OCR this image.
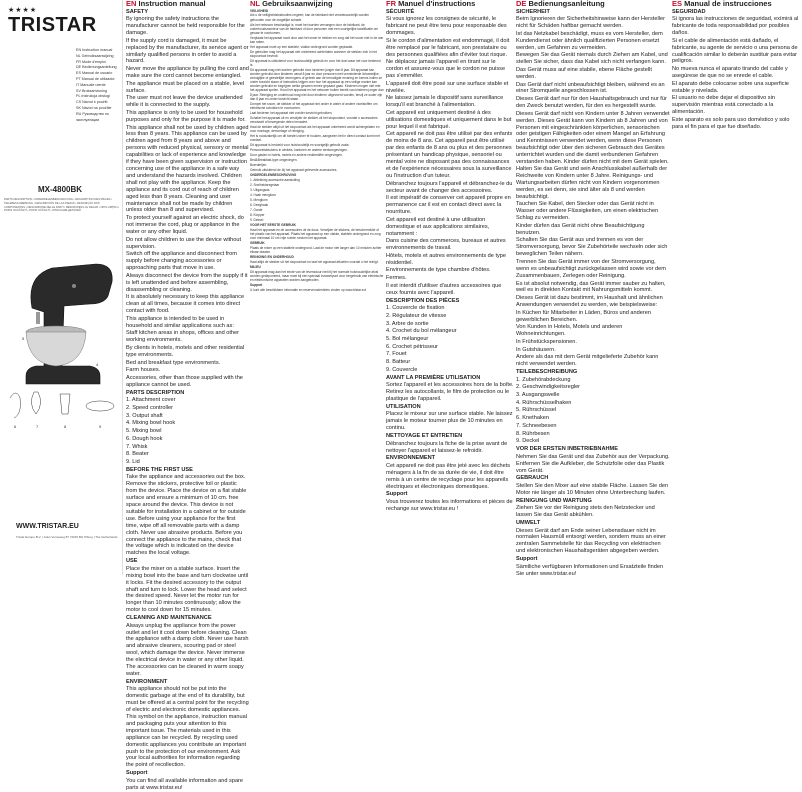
★★★★
TRISTAR
EN Instruction manual
NL Gebruiksaanwijzing
FR Mode d'emploi
DE Bedienungsanleitung
ES Manual de usuario
PT Manual de utilizador
IT Manuale utente
SV Bruksanvisning
PL Instrukcja obsługi
CS Návod k použití
SK Návod na použitie
RU Руководство по эксплуатации
MX-4800BK
PARTS DESCRIPTION • ONDERDELENBESCHRIJVING • DESCRIPTION DES PIÈCES • TEILEBESCHREIBUNG • DESCRIPCIÓN DE LAS PIEZAS • DESCRIÇÃO DOS COMPONENTES • DESCRIZIONE DELLE PARTI • BESKRIVNING AV DELAR • OPIS CZĘŚCI • POPIS SOUČÁSTÍ • POPIS SÚČASTÍ • ОПИСАНИЕ ДЕТАЛЕЙ
6	7	8	9
1
2
5
4
WWW.TRISTAR.EU
Tristar Europe B.V. | Jules Verneweg 87 | 5015 BH Tilburg | The Netherlands
EN Instruction manual

SAFETY

By ignoring the safety instructions the manufacturer cannot be held responsible for the damage.

If the supply cord is damaged, it must be replaced by the manufacturer, its service agent or similarly qualified persons in order to avoid a hazard.

Never move the appliance by pulling the cord and make sure the cord cannot become entangled.

The appliance must be placed on a stable, level surface.

The user must not leave the device unattended while it is connected to the supply.

This appliance is only to be used for household purposes and only for the purpose it is made for.

This appliance shall not be used by children aged less than 8 years. This appliance can be used by children aged from 8 years and above and persons with reduced physical, sensory or mental capabilities or lack of experience and knowledge if they have been given supervision or instruction concerning use of the appliance in a safe way and understand the hazards involved. Children shall not play with the appliance. Keep the appliance and its cord out of reach of children aged less than 8 years. Cleaning and user maintenance shall not be made by children unless older than 8 and supervised.

To protect yourself against an electric shock, do not immerse the cord, plug or appliance in the water or any other liquid.

Do not allow children to use the device without supervision.

Switch off the appliance and disconnect from supply before changing accessories or approaching parts that move in use.

Always disconnect the device from the supply if it is left unattended and before assembling, disassembling or cleaning.

It is absolutely necessary to keep this appliance clean at all times, because it comes into direct contact with food.

This appliance is intended to be used in household and similar applications such as:

Staff kitchen areas in shops, offices and other working environments.

By clients in hotels, motels and other residential type environments.

Bed and breakfast type environments.

Farm houses.

Accessories, other than those supplied with the appliance cannot be used.

PARTS DESCRIPTION

1. Attachment cover

2. Speed controller

3. Output shaft

4. Mixing bowl hook

5. Mixing bowl

6. Dough hook

7. Whisk

8. Beater

9. Lid

BEFORE THE FIRST USE

Take the appliance and accessories out the box. Remove the stickers, protective foil or plastic from the device. Place the device on a flat stable surface and ensure a minimum of 10 cm. free space around the device. This device is not suitable for installation in a cabinet or for outside use. Before using your appliance for the first time, wipe off all removable parts with a damp cloth. Never use abrasive products. Before you connect the appliance to the mains, check that the voltage which is indicated on the device matches the local voltage.

USE

Place the mixer on a stable surface. Insert the mixing bowl into the base and turn clockwise until it locks. Fit the desired accessory to the output shaft and turn to lock. Lower the head and select the desired speed. Never let the motor run for longer than 10 minutes continuously; allow the motor to cool down for 15 minutes.

CLEANING AND MAINTENANCE

Always unplug the appliance from the power outlet and let it cool down before cleaning. Clean the appliance with a damp cloth. Never use harsh and abrasive cleaners, scouring pad or steel wool, which damage the device. Never immerse the electrical device in water or any other liquid. The accessories can be cleaned in warm soapy water.

ENVIRONMENT

This appliance should not be put into the domestic garbage at the end of its durability, but must be offered at a central point for the recycling of electric and electronic domestic appliances. This symbol on the appliance, instruction manual and packaging puts your attention to this important issue. The materials used in this appliance can be recycled. By recycling used domestic appliances you contribute an important push to the protection of our environment. Ask your local authorities for information regarding the point of recollection.

Support

You can find all available information and spare parts at www.tristar.eu!

NL Gebruiksaanwijzing

VEILIGHEID

Als u de veiligheidsinstructies negeert, kan de fabrikant niet verantwoordelijk worden gehouden voor de mogelijke schade.

Als het netsnoer beschadigd is, moet het worden vervangen door de fabrikant, de onderhoudsmonteur van de fabrikant of door personen met een soortgelijke kwalificatie om gevaar te voorkomen.

Verplaats het apparaat nooit door aan het snoer te trekken en zorg dat het snoer niet in de war kan raken.

Het apparaat moet op een stabiele, vlakke ondergrond worden geplaatst.

De gebruiker mag het apparaat niet onbeheerd achterlaten wanneer de stekker zich in het stopcontact bevindt.

Dit apparaat is uitsluitend voor huishoudelijk gebruik en voor het doel waar het voor bestemd is.

Dit apparaat mag niet worden gebruikt door kinderen jonger dan 8 jaar. Dit apparaat kan worden gebruikt door kinderen vanaf 8 jaar en door personen met verminderde lichamelijke, zintuiglijke of geestelijke vermogens of gebrek aan de benodigde ervaring en kennis indien ze onder toezicht staan of instructies krijgen over hoe het apparaat op een veilige manier kan worden gebruikt en begrijpen welke gevaren ermee gepaard gaan. Kinderen mogen niet met het apparaat spelen. Houd het apparaat en het netsnoer buiten bereik van kinderen jonger dan 8 jaar. Reiniging en onderhoud mag niet door kinderen uitgevoerd worden, tenzij ze ouder zijn dan 8 jaar en onder toezicht staan.

Dompel het snoer, de stekker of het apparaat niet onder in water of andere vloeistoffen om elektrische schokken te voorkomen.

Laat kinderen het apparaat niet zonder toezicht gebruiken.

Schakel het apparaat uit en verwijder de stekker uit het stopcontact, voordat u accessoires verwisselt of bewegende delen benadert.

Haal de stekker altijd uit het stopcontact als het apparaat onbeheerd wordt achtergelaten en voor montage, demontage of reiniging.

Het is noodzakelijk om dit toestel zuiver te houden, aangezien het in direct contact komt met voedsel.

Dit apparaat is bedoeld voor huishoudelijk en soortgelijk gebruik zoals:

Personeelskeukens in winkels, kantoren en andere werkomgevingen.

Door gasten in hotels, motels en andere residentiële omgevingen.

Bed&Breakfast-type omgevingen.

Boerderijen.

Gebruik uitsluitend de bij het apparaat geleverde accessoires.

ONDERDELENBESCHRIJVING

1. Afdekking accessoire-aansluiting

2. Snelheidsregelaar

3. Uitgangsas

4. Haak mengkom

5. Mengkom

6. Deeghaak

7. Garde

8. Klopper

9. Deksel

VOOR HET EERSTE GEBRUIK

Haal het apparaat en de accessoires uit de doos. Verwijder de stickers, de beschermfolie of het plastic van het apparaat. Plaats het apparaat op een vlakke, stabiele ondergrond en zorg voor minimaal 10 cm vrije ruimte rondom het apparaat.

GEBRUIK

Plaats de mixer op een stabiele ondergrond. Laat de motor niet langer dan 10 minuten achter elkaar draaien.

REINIGING EN ONDERHOUD

Haal altijd de stekker uit het stopcontact en laat het apparaat afkoelen voordat u het reinigt.

MILIEU

Dit apparaat mag aan het einde van de levensduur niet bij het normale huishoudelijke afval worden gedeponeerd, maar moet bij een speciaal inzamelpunt voor hergebruik van elektrische en elektronische apparaten worden aangeboden.

Support

U kunt alle beschikbare informatie en reserveonderdelen vinden op www.tristar.eu!

FR Manuel d'instructions

SÉCURITÉ

Si vous ignorez les consignes de sécurité, le fabricant ne peut être tenu pour responsable des dommages.

Si le cordon d'alimentation est endommagé, il doit être remplacé par le fabricant, son prestataire ou des personnes qualifiées afin d'éviter tout risque.

Ne déplacez jamais l'appareil en tirant sur le cordon et assurez-vous que le cordon ne puisse pas s'emmêler.

L'appareil doit être posé sur une surface stable et nivelée.

Ne laissez jamais le dispositif sans surveillance lorsqu'il est branché à l'alimentation.

Cet appareil est uniquement destiné à des utilisations domestiques et uniquement dans le but pour lequel il est fabriqué.

Cet appareil ne doit pas être utilisé par des enfants de moins de 8 ans. Cet appareil peut être utilisé par des enfants de 8 ans ou plus et des personnes présentant un handicap physique, sensoriel ou mental voire ne disposant pas des connaissances et de l'expérience nécessaires sous la surveillance ou l'instruction d'un tuteur.

Débranchez toujours l'appareil et débranchez-le du secteur avant de changer des accessoires.

Il est impératif de conserver cet appareil propre en permanence car il est en contact direct avec la nourriture.

Cet appareil est destiné à une utilisation domestique et aux applications similaires, notamment :

Dans cuisine des commerces, bureaux et autres environnements de travail.

Hôtels, motels et autres environnements de type résidentiel.

Environnements de type chambre d'hôtes.

Fermes.

Il est interdit d'utiliser d'autres accessoires que ceux fournis avec l'appareil.

DESCRIPTION DES PIÈCES

1. Couvercle de fixation

2. Régulateur de vitesse

3. Arbre de sortie

4. Crochet du bol mélangeur

5. Bol mélangeur

6. Crochet pétrisseur

7. Fouet

8. Batteur

9. Couvercle

AVANT LA PREMIÈRE UTILISATION

Sortez l'appareil et les accessoires hors de la boîte. Retirez les autocollants, le film de protection ou le plastique de l'appareil.

UTILISATION

Placez le mixeur sur une surface stable. Ne laissez jamais le moteur tourner plus de 10 minutes en continu.

NETTOYAGE ET ENTRETIEN

Débranchez toujours la fiche de la prise avant de nettoyer l'appareil et laissez-le refroidir.

ENVIRONNEMENT

Cet appareil ne doit pas être jeté avec les déchets ménagers à la fin de sa durée de vie, il doit être remis à un centre de recyclage pour les appareils électriques et électroniques domestiques.

Support

Vous trouverez toutes les informations et pièces de rechange sur www.tristar.eu !

DE Bedienungsanleitung

SICHERHEIT

Beim Ignorieren der Sicherheitshinweise kann der Hersteller nicht für Schäden haftbar gemacht werden.

Ist das Netzkabel beschädigt, muss es vom Hersteller, dem Kundendienst oder ähnlich qualifizierten Personen ersetzt werden, um Gefahren zu vermeiden.

Bewegen Sie das Gerät niemals durch Ziehen am Kabel, und stellen Sie sicher, dass das Kabel sich nicht verfangen kann.

Das Gerät muss auf eine stabile, ebene Fläche gestellt werden.

Das Gerät darf nicht unbeaufsichtigt bleiben, während es an einer Stromquelle angeschlossen ist.

Dieses Gerät darf nur für den Haushaltsgebrauch und nur für den Zweck benutzt werden, für den es hergestellt wurde.

Dieses Gerät darf nicht von Kindern unter 8 Jahren verwendet werden. Dieses Gerät kann von Kindern ab 8 Jahren und von Personen mit eingeschränkten körperlichen, sensorischen oder geistigen Fähigkeiten oder einem Mangel an Erfahrung und Kenntnissen verwendet werden, wenn diese Personen beaufsichtigt oder über den sicheren Gebrauch des Gerätes unterrichtet wurden und die damit verbundenen Gefahren verstanden haben. Kinder dürfen nicht mit dem Gerät spielen. Halten Sie das Gerät und sein Anschlusskabel außerhalb der Reichweite von Kindern unter 8 Jahre. Reinigungs- und Wartungsarbeiten dürfen nicht von Kindern vorgenommen werden, es sei denn, sie sind älter als 8 und werden beaufsichtigt.

Tauchen Sie Kabel, den Stecker oder das Gerät nicht in Wasser oder andere Flüssigkeiten, um einen elektrischen Schlag zu vermeiden.

Kinder dürfen das Gerät nicht ohne Beaufsichtigung benutzen.

Schalten Sie das Gerät aus und trennen es von der Stromversorgung, bevor Sie Zubehörteile wechseln oder sich beweglichen Teilen nähern.

Trennen Sie das Gerät immer von der Stromversorgung, wenn es unbeaufsichtigt zurückgelassen wird sowie vor dem Zusammenbauen, Zerlegen oder Reinigung.

Es ist absolut notwendig, das Gerät immer sauber zu halten, weil es in direkten Kontakt mit Nahrungsmitteln kommt.

Dieses Gerät ist dazu bestimmt, im Haushalt und ähnlichen Anwendungen verwendet zu werden, wie beispielsweise:

In Küchen für Mitarbeiter in Läden, Büros und anderen gewerblichen Bereichen.

Von Kunden in Hotels, Motels und anderen Wohneinrichtungen.

In Frühstückspensionen.

In Gutshäusern.

Andere als das mit dem Gerät mitgelieferte Zubehör kann nicht verwendet werden.

TEILEBESCHREIBUNG

1. Zubehörabdeckung

2. Geschwindigkeitsregler

3. Ausgangswelle

4. Rührschüsselhaken

5. Rührschüssel

6. Knethaken

7. Schneebesen

8. Rührbesen

9. Deckel

VOR DER ERSTEN INBETRIEBNAHME

Nehmen Sie das Gerät und das Zubehör aus der Verpackung. Entfernen Sie die Aufkleber, die Schutzfolie oder das Plastik vom Gerät.

GEBRAUCH

Stellen Sie den Mixer auf eine stabile Fläche. Lassen Sie den Motor nie länger als 10 Minuten ohne Unterbrechung laufen.

REINIGUNG UND WARTUNG

Ziehen Sie vor der Reinigung stets den Netzstecker und lassen Sie das Gerät abkühlen.

UMWELT

Dieses Gerät darf am Ende seiner Lebensdauer nicht im normalen Hausmüll entsorgt werden, sondern muss an einer zentralen Sammelstelle für das Recycling von elektrischen und elektronischen Haushaltsgeräten abgegeben werden.

Support

Sämtliche verfügbaren Informationen und Ersatzteile finden Sie unter www.tristar.eu!

ES Manual de instrucciones

SEGURIDAD

Si ignora las instrucciones de seguridad, exímirá al fabricante de toda responsabilidad por posibles daños.

Si el cable de alimentación está dañado, el fabricante, su agente de servicio o una persona de cualificación similar lo deberán sustituir para evitar peligros.

No mueva nunca el aparato tirando del cable y asegúrese de que no se enrede el cable.

El aparato debe colocarse sobre una superficie estable y nivelada.

El usuario no debe dejar el dispositivo sin supervisión mientras está conectado a la alimentación.

Este aparato es solo para uso doméstico y solo para el fin para el que fue diseñado.
